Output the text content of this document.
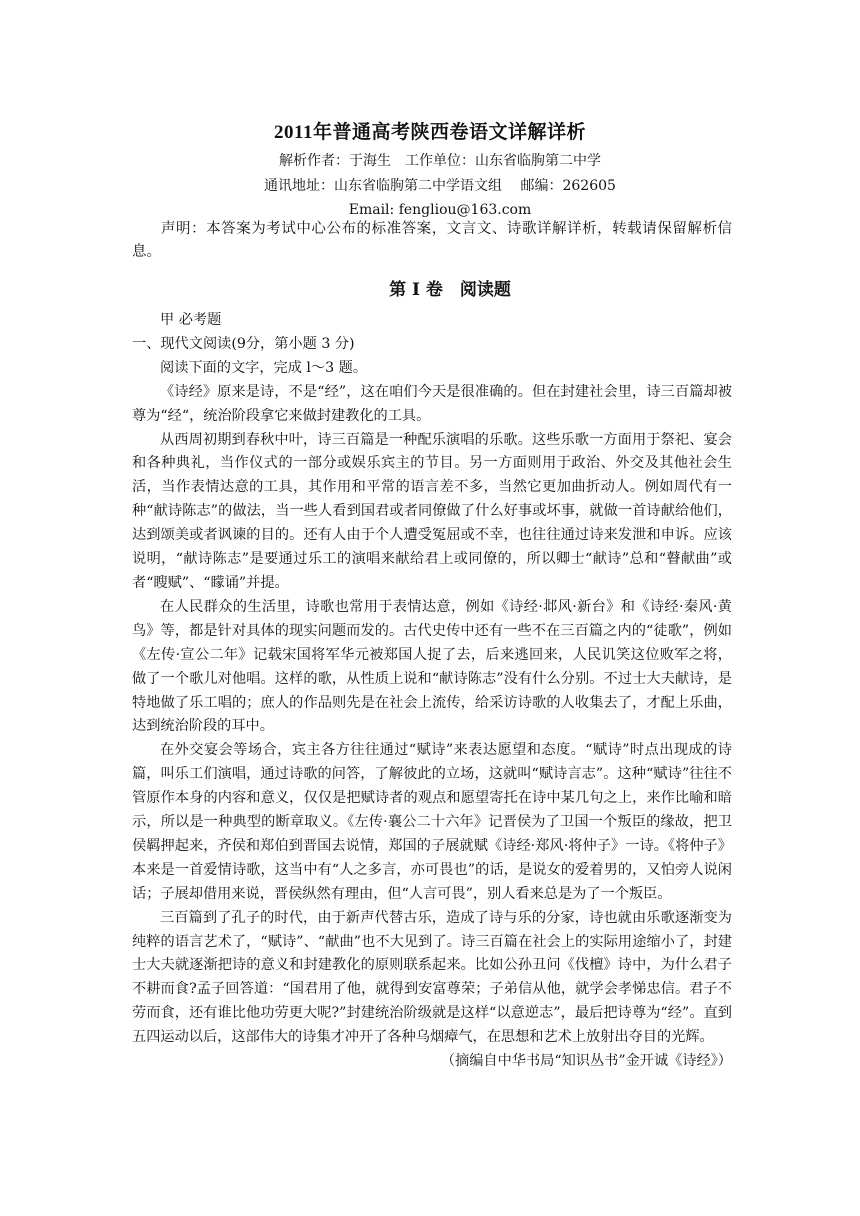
2011年普通高考陕西卷语文详解详析
解析作者：于海生　工作单位：山东省临朐第二中学
通讯地址：山东省临朐第二中学语文组　 邮编：262605
Email: fengliou@163.com
声明：本答案为考试中心公布的标准答案，文言文、诗歌详解详析，转载请保留解析信息。
第 I 卷　阅读题

甲 必考题

一、现代文阅读(9分，第小题 3 分)

阅读下面的文字，完成 l～3 题。

《诗经》原来是诗，不是“经”，这在咱们今天是很准确的。但在封建社会里，诗三百篇却被尊为“经“，统治阶段拿它来做封建教化的工具。

从西周初期到春秋中叶，诗三百篇是一种配乐演唱的乐歌。这些乐歌一方面用于祭祀、宴会和各种典礼，当作仪式的一部分或娱乐宾主的节目。另一方面则用于政治、外交及其他社会生活，当作表情达意的工具，其作用和平常的语言差不多，当然它更加曲折动人。例如周代有一种“献诗陈志”的做法，当一些人看到国君或者同僚做了什么好事或坏事，就做一首诗献给他们，达到颂美或者讽谏的目的。还有人由于个人遭受冤屈或不幸，也往往通过诗来发泄和申诉。应该说明，“献诗陈志”是要通过乐工的演唱来献给君上或同僚的，所以卿士“献诗”总和“瞽献曲”或者“瞍赋”、“矇诵”并提。

在人民群众的生活里，诗歌也常用于表情达意，例如《诗经·邶风·新台》和《诗经·秦风·黄鸟》等，都是针对具体的现实问题而发的。古代史传中还有一些不在三百篇之内的“徒歌”，例如《左传·宣公二年》记载宋国将军华元被郑国人捉了去，后来逃回来，人民讥笑这位败军之将，做了一个歌儿对他唱。这样的歌，从性质上说和“献诗陈志”没有什么分别。不过士大夫献诗，是特地做了乐工唱的；庶人的作品则先是在社会上流传，给采访诗歌的人收集去了，才配上乐曲，达到统治阶段的耳中。

在外交宴会等场合，宾主各方往往通过“赋诗”来表达愿望和态度。“赋诗”时点出现成的诗篇，叫乐工们演唱，通过诗歌的问答，了解彼此的立场，这就叫“赋诗言志”。这种“赋诗”往往不管原作本身的内容和意义，仅仅是把赋诗者的观点和愿望寄托在诗中某几句之上，来作比喻和暗示，所以是一种典型的断章取义。《左传·襄公二十六年》记晋侯为了卫国一个叛臣的缘故，把卫侯羁押起来，齐侯和郑伯到晋国去说情，郑国的子展就赋《诗经·郑风·将仲子》一诗。《将仲子》本来是一首爱情诗歌，这当中有“人之多言，亦可畏也”的话，是说女的爱着男的，又怕旁人说闲话；子展却借用来说，晋侯纵然有理由，但“人言可畏”，别人看来总是为了一个叛臣。

三百篇到了孔子的时代，由于新声代替古乐，造成了诗与乐的分家，诗也就由乐歌逐渐变为纯粹的语言艺术了，“赋诗”、“献曲”也不大见到了。诗三百篇在社会上的实际用途缩小了，封建士大夫就逐渐把诗的意义和封建教化的原则联系起来。比如公孙丑问《伐檀》诗中，为什么君子不耕而食?孟子回答道：“国君用了他，就得到安富尊荣；子弟信从他，就学会孝悌忠信。君子不劳而食，还有谁比他功劳更大呢?”封建统治阶级就是这样“以意逆志”，最后把诗尊为“经”。直到五四运动以后，这部伟大的诗集才冲开了各种乌烟瘴气，在思想和艺术上放射出夺目的光辉。

（摘编自中华书局“知识丛书”金开诚《诗经》）
